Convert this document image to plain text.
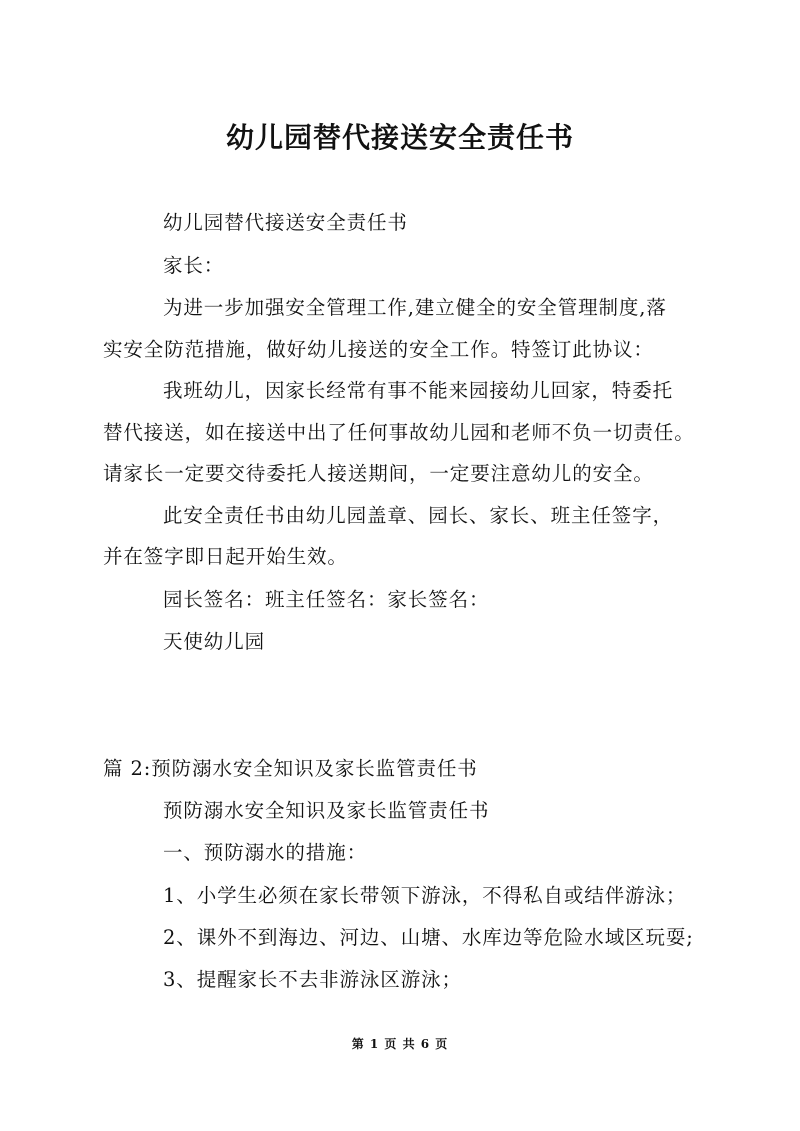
幼儿园替代接送安全责任书
幼儿园替代接送安全责任书
家长：
为进一步加强安全管理工作,建立健全的安全管理制度,落
实安全防范措施，做好幼儿接送的安全工作。特签订此协议：
我班幼儿，因家长经常有事不能来园接幼儿回家，特委托
替代接送，如在接送中出了任何事故幼儿园和老师不负一切责任。
请家长一定要交待委托人接送期间，一定要注意幼儿的安全。
此安全责任书由幼儿园盖章、园长、家长、班主任签字，
并在签字即日起开始生效。
园长签名：班主任签名：家长签名：
天使幼儿园
篇 2:预防溺水安全知识及家长监管责任书
预防溺水安全知识及家长监管责任书
一、预防溺水的措施：
1、小学生必须在家长带领下游泳，不得私自或结伴游泳；
2、课外不到海边、河边、山塘、水库边等危险水域区玩耍;
3、提醒家长不去非游泳区游泳；
第 1 页 共 6 页
